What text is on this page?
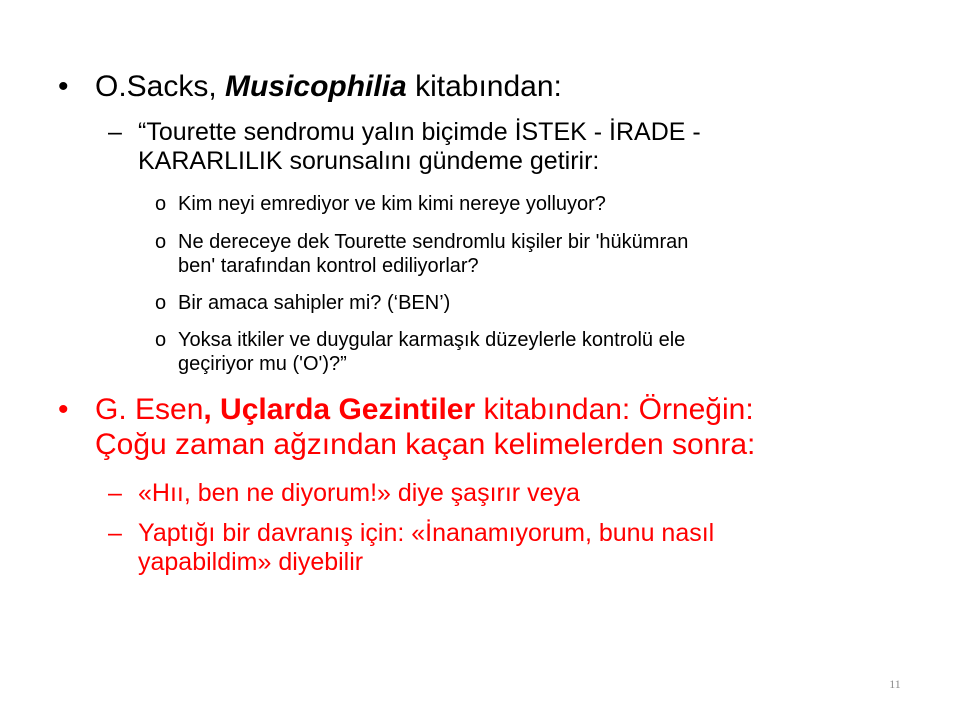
• O.Sacks, Musicophilia kitabından:
– “Tourette sendromu yalın biçimde İSTEK - İRADE -
KARARLILIK sorunsalını gündeme getirir:
o Kim neyi emrediyor ve kim kimi nereye yolluyor?
o Ne dereceye dek Tourette sendromlu kişiler bir 'hükümran
ben' tarafından kontrol ediliyorlar?
o Bir amaca sahipler mi? (‘BEN’)
o Yoksa itkiler ve duygular karmaşık düzeylerle kontrolü ele
geçiriyor mu ('O')?”
• G. Esen, Uçlarda Gezintiler kitabından: Örneğin:
Çoğu zaman ağzından kaçan kelimelerden sonra:
– «Hıı, ben ne diyorum!» diye şaşırır veya
– Yaptığı bir davranış için: «İnanamıyorum, bunu nasıl
yapabildim» diyebilir
11
